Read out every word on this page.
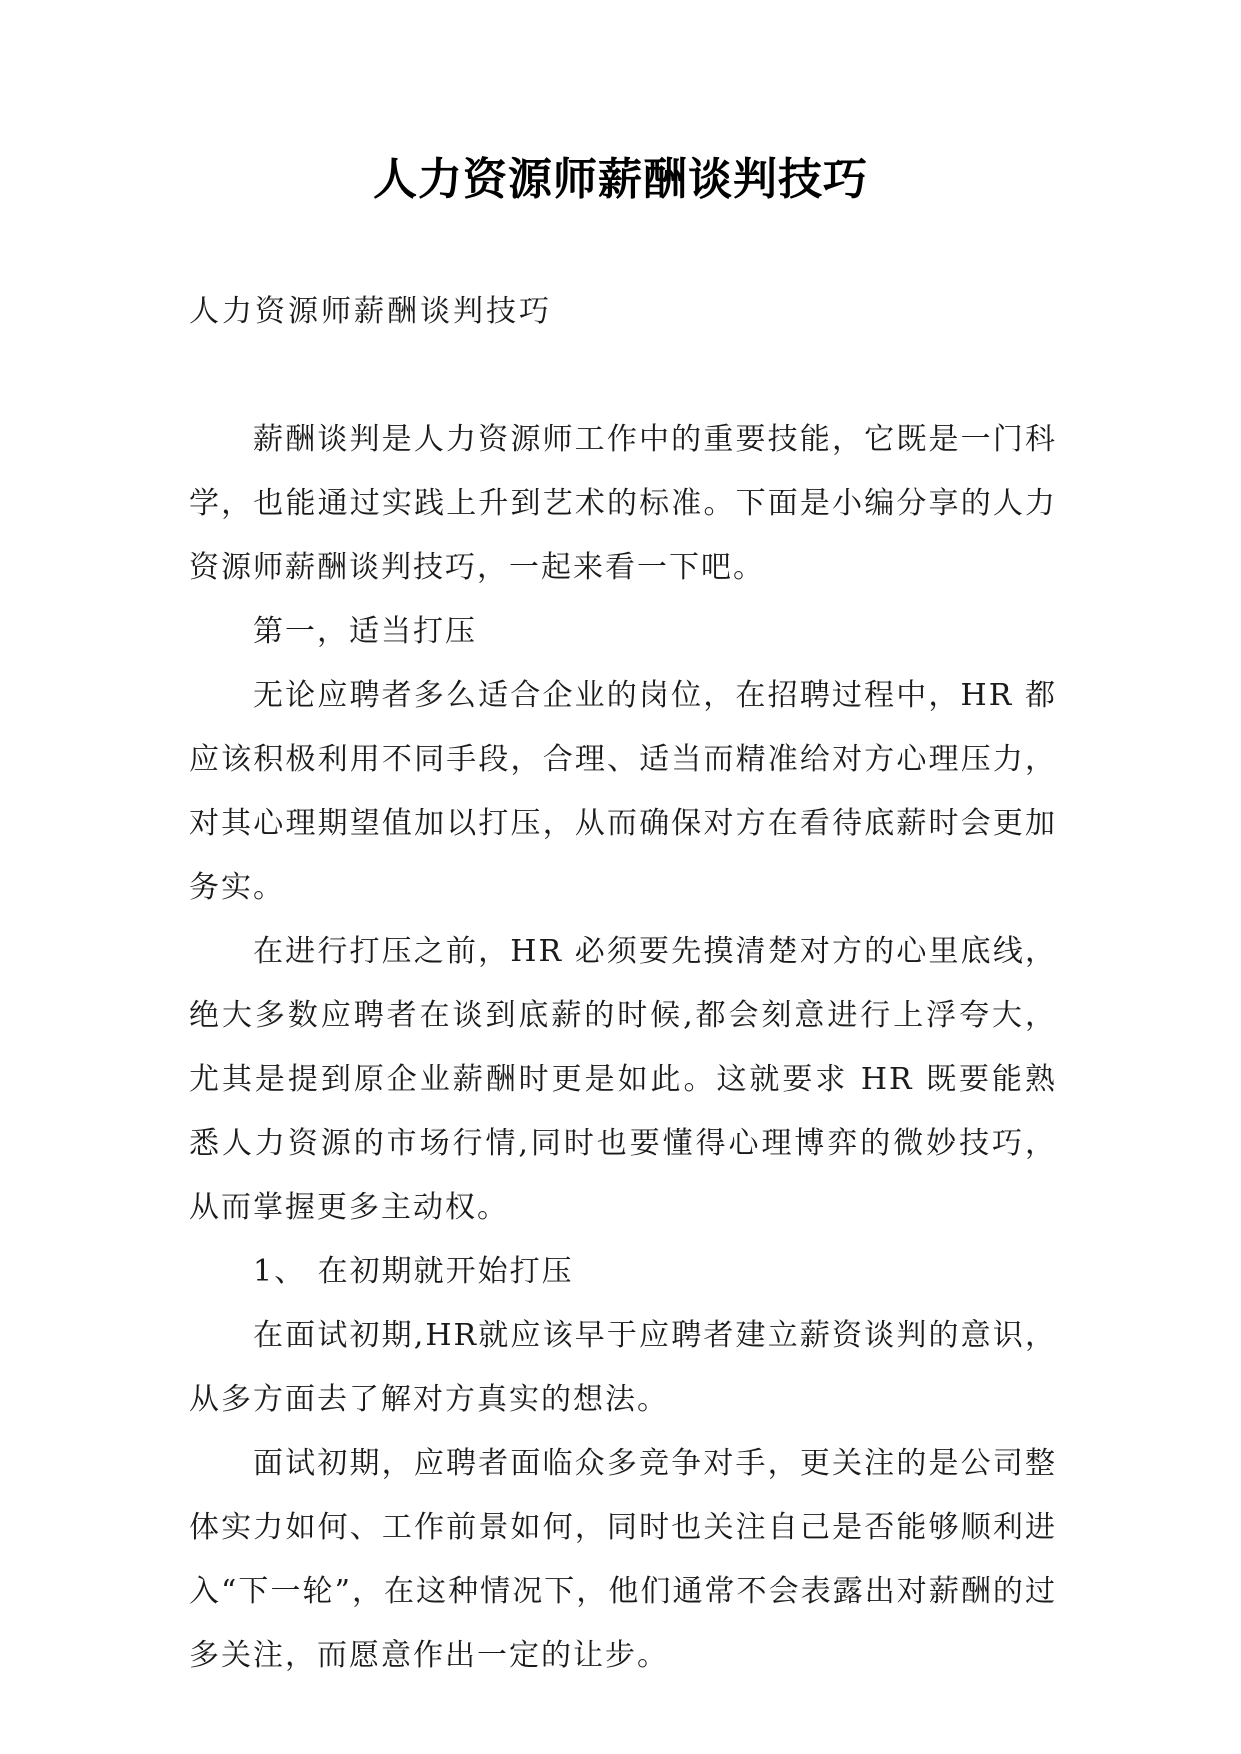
人力资源师薪酬谈判技巧
人力资源师薪酬谈判技巧

薪酬谈判是人力资源师工作中的重要技能，它既是一门科学，也能通过实践上升到艺术的标准。下面是小编分享的人力资源师薪酬谈判技巧，一起来看一下吧。

第一，适当打压

无论应聘者多么适合企业的岗位，在招聘过程中，HR 都应该积极利用不同手段，合理、适当而精准给对方心理压力，对其心理期望值加以打压，从而确保对方在看待底薪时会更加务实。

在进行打压之前，HR 必须要先摸清楚对方的心里底线，绝大多数应聘者在谈到底薪的时候,都会刻意进行上浮夸大，尤其是提到原企业薪酬时更是如此。这就要求 HR 既要能熟悉人力资源的市场行情,同时也要懂得心理博弈的微妙技巧，从而掌握更多主动权。

1、 在初期就开始打压

在面试初期,HR就应该早于应聘者建立薪资谈判的意识，从多方面去了解对方真实的想法。

面试初期，应聘者面临众多竞争对手，更关注的是公司整体实力如何、工作前景如何，同时也关注自己是否能够顺利进入“下一轮”，在这种情况下，他们通常不会表露出对薪酬的过多关注，而愿意作出一定的让步。
